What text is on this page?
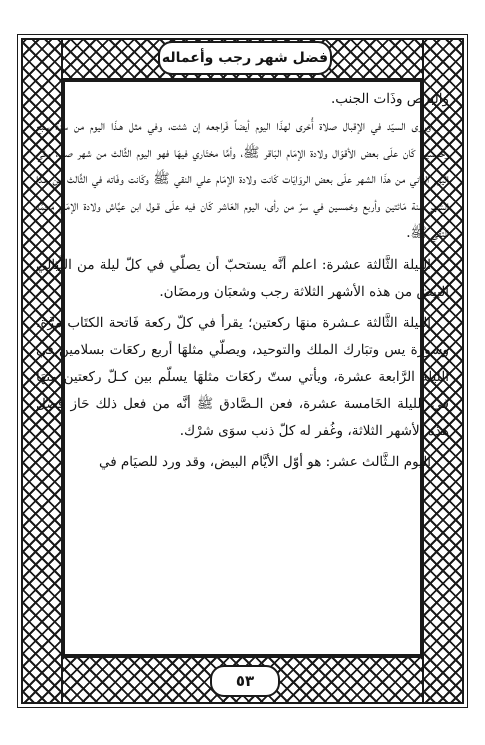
فضل شهر رجب وأعماله

وَالبرص وذَات الجنب.

وروى السيّد في الإقبال صلاة أُخرى لهذَا اليوم أيضاً فَراجعه إن شئت، وفي مثل هـذَا اليوم من سنة سبع وخمسين كَان علَى بعض الأقوَال ولادة الإمَام البَاقر ﷺ، وأمَّا مختَاري فيهَا فهو اليوم الثَّالث من شهر صفر، وفي اليوم الثَّاني من هذَا الشهر علَى بعض الروَايَات كَانت ولادة الإمَام علي النقي ﷺ وكَانت وفَاته في الثَّالث من هـذَا الشهر سنة مَائتين وأربع وخمسين في سرّ من رأى، اليوم العَاشر كَان فيه علَى قـول ابن عيَّاش ولادة الإمَام محمَّد التقي ﷺ.

الليلة الثَّالثة عشرة: اعلم أنَّه يستحبّ أن يصلّي في كلّ ليلة من اللّيَالي البيض من هذه الأشهر الثلاثة رجب وشعبَان ورمضَان.

الليلة الثَّالثة عـشرة منهَا ركعتين؛ يقرأ في كلّ ركعة فَاتحة الكتَاب مرَّة، وسورة يس وتبَارك الملك والتوحيد، ويصلّي مثلهَا أربع ركعَات بسلامين في الليلة الرَّابعة عشرة، ويأتي ستّ ركعَات مثلهَا يسلّم بين كـلّ ركعتين منهَا في الليلة الخَامسة عشرة، فعن الـصَّادق ﷺ أنَّه من فعل ذلك حَاز فضل هذه الأشهر الثلاثة، وغُفر له كلّ ذنب سوَى شرْك.

اليوم الـثَّالث عشر: هو أوّل الأيَّام البيض، وقد ورد للصيَام في

٥٣
